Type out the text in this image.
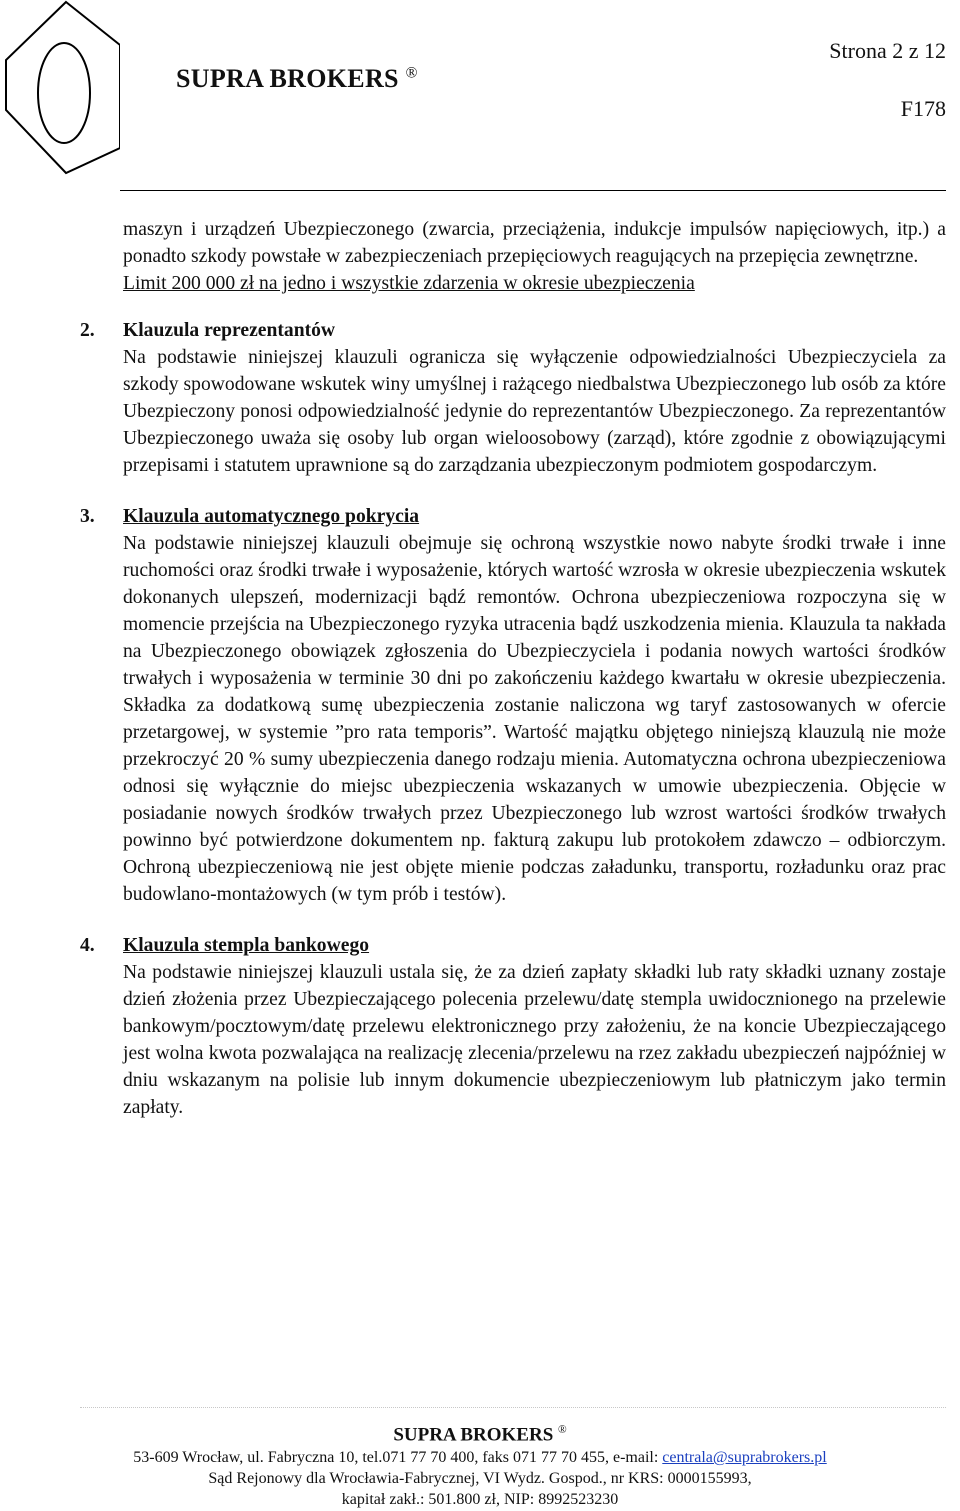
SUPRA BROKERS ®
Strona 2 z 12
F178

maszyn i urządzeń Ubezpieczonego (zwarcia, przeciążenia, indukcje impulsów napięciowych, itp.) a ponadto szkody powstałe w zabezpieczeniach przepięciowych reagujących na przepięcia zewnętrzne.

Limit 200 000 zł na jedno i wszystkie zdarzenia w okresie ubezpieczenia

2. Klauzula reprezentantów

Na podstawie niniejszej klauzuli ogranicza się wyłączenie odpowiedzialności Ubezpieczyciela za szkody spowodowane wskutek winy umyślnej i rażącego niedbalstwa Ubezpieczonego lub osób za które Ubezpieczony ponosi odpowiedzialność jedynie do reprezentantów Ubezpieczonego. Za reprezentantów Ubezpieczonego uważa się osoby lub organ wieloosobowy (zarząd), które zgodnie z obowiązującymi przepisami i statutem uprawnione są do zarządzania ubezpieczonym podmiotem gospodarczym.

3. Klauzula automatycznego pokrycia

Na podstawie niniejszej klauzuli obejmuje się ochroną wszystkie nowo nabyte środki trwałe i inne ruchomości oraz środki trwałe i wyposażenie, których wartość wzrosła w okresie ubezpieczenia wskutek dokonanych ulepszeń, modernizacji bądź remontów. Ochrona ubezpieczeniowa rozpoczyna się w momencie przejścia na Ubezpieczonego ryzyka utracenia bądź uszkodzenia mienia. Klauzula ta nakłada na Ubezpieczonego obowiązek zgłoszenia do Ubezpieczyciela i podania nowych wartości środków trwałych i wyposażenia w terminie 30 dni po zakończeniu każdego kwartału w okresie ubezpieczenia. Składka za dodatkową sumę ubezpieczenia zostanie naliczona wg taryf zastosowanych w ofercie przetargowej, w systemie ”pro rata temporis”. Wartość majątku objętego niniejszą klauzulą nie może przekroczyć 20 % sumy ubezpieczenia danego rodzaju mienia. Automatyczna ochrona ubezpieczeniowa odnosi się wyłącznie do miejsc ubezpieczenia wskazanych w umowie ubezpieczenia. Objęcie w posiadanie nowych środków trwałych przez Ubezpieczonego lub wzrost wartości środków trwałych powinno być potwierdzone dokumentem np. fakturą zakupu lub protokołem zdawczo – odbiorczym. Ochroną ubezpieczeniową nie jest objęte mienie podczas załadunku, transportu, rozładunku oraz prac budowlano-montażowych (w tym prób i testów).

4. Klauzula stempla bankowego

Na podstawie niniejszej klauzuli ustala się, że za dzień zapłaty składki lub raty składki uznany zostaje dzień złożenia przez Ubezpieczającego polecenia przelewu/datę stempla uwidocznionego na przelewie bankowym/pocztowym/datę przelewu elektronicznego przy założeniu, że na koncie Ubezpieczającego jest wolna kwota pozwalająca na realizację zlecenia/przelewu na rzez zakładu ubezpieczeń najpóźniej w dniu wskazanym na polisie lub innym dokumencie ubezpieczeniowym lub płatniczym jako termin zapłaty.

SUPRA BROKERS ®
53-609 Wrocław, ul. Fabryczna 10, tel.071 77 70 400, faks 071 77 70 455, e-mail: centrala@suprabrokers.pl
Sąd Rejonowy dla Wrocławia-Fabrycznej, VI Wydz. Gospod., nr KRS: 0000155993,
kapitał zakł.: 501.800 zł, NIP: 8992523230
